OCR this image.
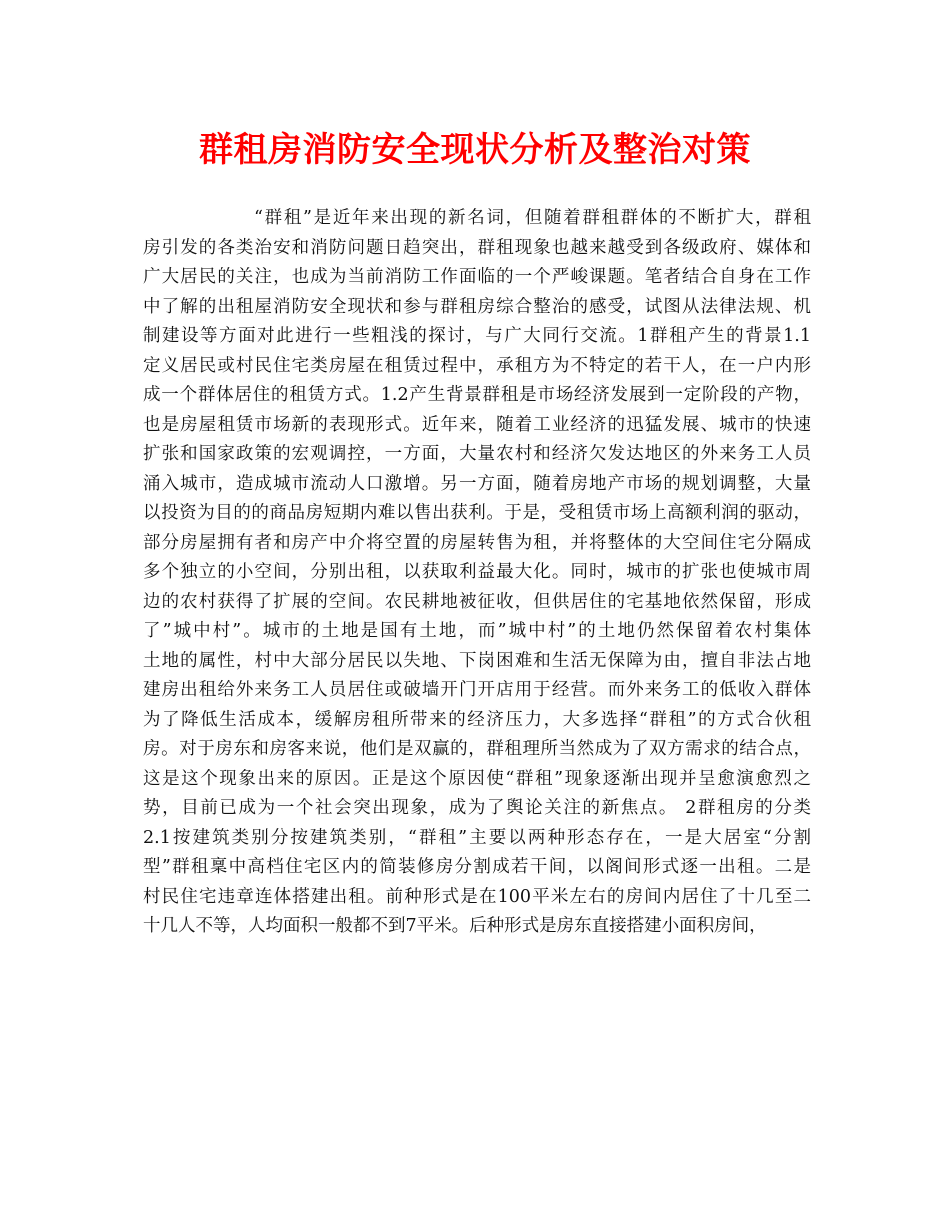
群租房消防安全现状分析及整治对策
“群租”是近年来出现的新名词，但随着群租群体的不断扩大，群租
房引发的各类治安和消防问题日趋突出，群租现象也越来越受到各级政府、媒体和
广大居民的关注，也成为当前消防工作面临的一个严峻课题。笔者结合自身在工作
中了解的出租屋消防安全现状和参与群租房综合整治的感受，试图从法律法规、机
制建设等方面对此进行一些粗浅的探讨，与广大同行交流。1群租产生的背景1.1
定义居民或村民住宅类房屋在租赁过程中，承租方为不特定的若干人，在一户内形
成一个群体居住的租赁方式。1.2产生背景群租是市场经济发展到一定阶段的产物，
也是房屋租赁市场新的表现形式。近年来，随着工业经济的迅猛发展、城市的快速
扩张和国家政策的宏观调控，一方面，大量农村和经济欠发达地区的外来务工人员
涌入城市，造成城市流动人口激增。另一方面，随着房地产市场的规划调整，大量
以投资为目的的商品房短期内难以售出获利。于是，受租赁市场上高额利润的驱动，
部分房屋拥有者和房产中介将空置的房屋转售为租，并将整体的大空间住宅分隔成
多个独立的小空间，分别出租，以获取利益最大化。同时，城市的扩张也使城市周
边的农村获得了扩展的空间。农民耕地被征收，但供居住的宅基地依然保留，形成
了”城中村”。城市的土地是国有土地，而”城中村”的土地仍然保留着农村集体
土地的属性，村中大部分居民以失地、下岗困难和生活无保障为由，擅自非法占地
建房出租给外来务工人员居住或破墙开门开店用于经营。而外来务工的低收入群体
为了降低生活成本，缓解房租所带来的经济压力，大多选择“群租”的方式合伙租
房。对于房东和房客来说，他们是双赢的，群租理所当然成为了双方需求的结合点，
这是这个现象出来的原因。正是这个原因使“群租”现象逐渐出现并呈愈演愈烈之
势，目前已成为一个社会突出现象，成为了舆论关注的新焦点。 2群租房的分类
2.1按建筑类别分按建筑类别，“群租”主要以两种形态存在，一是大居室“分割
型”群租稟中高档住宅区内的简装修房分割成若干间，以阁间形式逐一出租。二是
村民住宅违章连体搭建出租。前种形式是在100平米左右的房间内居住了十几至二
十几人不等，人均面积一般都不到7平米。后种形式是房东直接搭建小面积房间，
